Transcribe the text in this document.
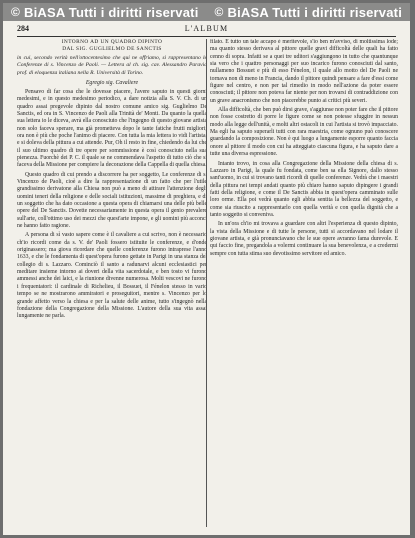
© BiASA Tutti i diritti riservati © BiASA Tutti i diritti riservati
L'ALBUM
284
INTORNO AD UN QUADRO DIPINTO
DAL SIG. GUGLIELMO DE SANCTIS

in cui, secondo verità nell'ottocentesimo che qui ne offriamo, si rappresentano le Conferenze di s. Vincenzo de Paoli. — Lettera al ch. sig. cav. Alessandro Paravia prof. di eloquenza italiana nella R. Università di Torino.

Egregio sig. Cavaliere

Pensavo di far cosa che le dovesse piacere, l'avere saputo in questi giorni medesimi, e in questo medesimo periodico, a dare notizia alla S. V. Ch. di un quadro assai pregevole dipinto dal nostro comune amico sig. Guglielmo De Sanctis, ed ora in S. Vincenzo de Paoli alla Trinità de' Monti. Da quanto la quella sua lettera io le diceva, avrà ella conosciuto che l'ingegno di questo giovane artista non solo faceva sperare, ma già prometteva dopo le tante fatiche frutti migliori; ora non è più che poche l'animo di piacere. Con tutta la mia lettera io vidi l'artista, e si doleva della pittura a cui attende. Pur, Oh il resto in fine, chiedendo da lui che il suo ultimo quadro di tre opere per sommissione è così conosciuto nella sua pienezza. Fuorchè dei P. C. il quale se ne commendava l'aspetto di tutto ciò che si faceva della Missione per compiere la decorazione della Cappella di quella chiesa.

Questo quadro di cui prendo a discorrere ha per soggetto, Le conferenze di s. Vincenzo de Paoli, cioè a dire la rappresentazione di un fatto che per l'utile grandissimo derivatone alla Chiesa non può a meno di attirare l'attenzione degli uomini teneri della religione e delle sociali istituzioni, massime di preghiera, e di un soggetto che ha dato occasione a questa opera di chiamarsi una delle più belle opere del De Sanctis. Dovette necessariamente in questa opera il genio prevalere sull'arte, coll'ottimo uso dei mezzi che quest'arte impone, e gli uomini più acconci ne hanno fatto ragione.

A persona di sì vasto sapere come è il cavaliere a cui scrivo, non è necessario ch'io ricordi come da s. V. de' Paoli fossero istituite le conferenze, e d'onde originassero; ma giova ricordare che quelle conferenze furono intraprese l'anno 1633, e che le fondamenta di quest'opera furono gettate in Parigi in una stanza del collegio di s. Lazzaro. Cominciò il santo a radunarvi alcuni ecclesiastici per meditare insieme intorno ai doveri della vita sacerdotale, e ben tosto vi furono ammessi anche dei laici, e la riunione divenne numerosa. Molti vescovi ne furono i frequentatori: il cardinale di Richelieu, il Bossuet, il Fénelon stesso in vario tempo se ne mostrarono ammiratori e proseguitori, mentre s. Vincenzo per lo grande affetto verso la chiesa e per la salute delle anime, tutto s'ingegnò nella fondazione della Congregazione della Missione. L'autore della sua vita assai lungamente ne parla.

filato. E tutto un tale accapo è meritevole, s'io ben m'avviso, di moltissima lode; ma quanto stesso derivava al pittore quelle gravi difficoltà delle quali ha fatto cenno di sopra. Infatti se a quei tre uditori s'aggiungono in tutto che quantunque sia vero che i quattro personaggi per suo incarico furono conosciuti dal santo, nullameno Bossuet e più di esso Fénelon, il quale allo motto del De Paoli ne tornava non di meno in Francia, dando il pittore quindi pensare a fare d'essi come figure nel centro, e non per tal rimedio in modo nell'azione da poter essere conosciuti; il pittore non poteva far niente per non trovarsi di contraddizione con un grave anacronismo che non piacerebbe punto ai critici più severi.

Alla difficoltà, che ben può dirsi grave, s'aggiunse non poter fare che il pittore non fosse costretto di porre le figure come se non potesse sfuggire in nessun modo alla legge dell'unità, e molti altri ostacoli in cui l'artista si trovò impacciato. Ma egli ha saputo superarli tutti con rara maestria, come ognuno può conoscere guardando la composizione. Non è qui luogo a lungamente esporre quanto faccia onore al pittore il modo con cui ha atteggiato ciascuna figura, e ha saputo dare a tutte una diversa espressione.

Intanto trovo, in cosa alla Congregazione della Missione della chiesa di s. Lazzaro in Parigi, la quale fu fondata, come ben sa ella Signore, dallo stesso sant'uomo, in cui si trovano tanti ricordi di quelle conferenze. Vedrà che i maestri della pittura nei tempi andati quanto più chiaro hanno saputo dipingere i grandi fatti della religione, e come il De Sanctis abbia in quest'opera camminato sulle loro orme. Ella poi vedrà quanto egli abbia sentita la bellezza del soggetto, e come sia riuscito a rappresentarlo con quella verità e con quella dignità che a tanto soggetto si conveniva.

In un'ora ch'io mi trovava a guardare con altri l'esperienza di questo dipinto, la vista della Missione e di tutte le persone, tutti si accordavano nel lodare il giovane artista, e già pronunciavano che le sue opere avranno fama durevole. E qui faccio fine, pregandola a volermi continuare la sua benevolenza, e a credermi sempre con tutta stima suo devotissimo servitore ed amico.
